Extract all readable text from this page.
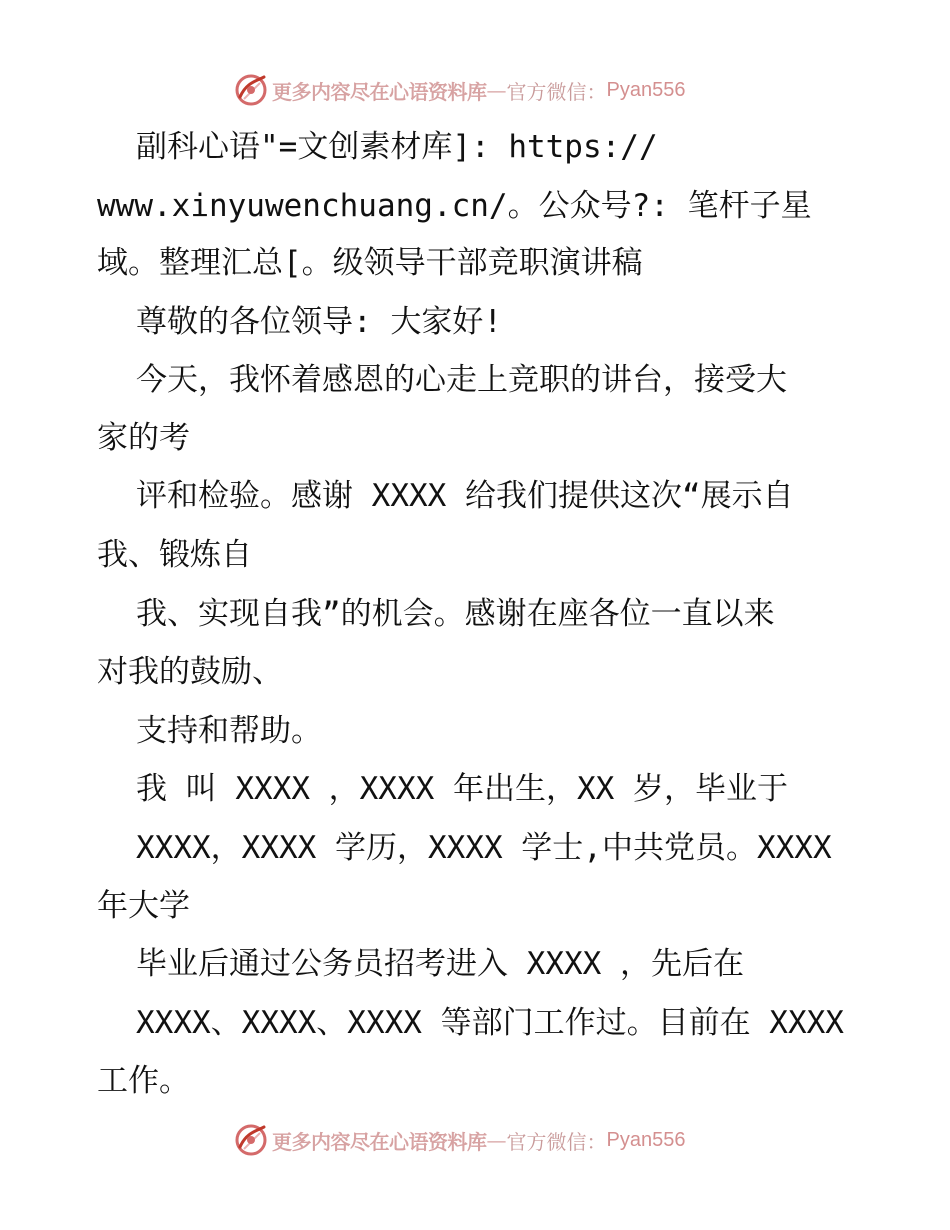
更多内容尽在心语资料库 — 官方微信： Pyan556
副科心语"=文创素材库]: https://
www.xinyuwenchuang.cn/。公众号?: 笔杆子星
域。整理汇总[。级领导干部竞职演讲稿
尊敬的各位领导: 大家好!
今天，我怀着感恩的心走上竞职的讲台，接受大
家的考
评和检验。感谢 XXXX 给我们提供这次“展示自
我、锻炼自
我、实现自我”的机会。感谢在座各位一直以来
对我的鼓励、
支持和帮助。
我 叫 XXXX ，XXXX 年出生，XX 岁，毕业于
XXXX，XXXX 学历，XXXX 学士,中共党员。XXXX
年大学
毕业后通过公务员招考进入 XXXX ，先后在
XXXX、XXXX、XXXX 等部门工作过。目前在 XXXX
工作。
更多内容尽在心语资料库 — 官方微信： Pyan556
